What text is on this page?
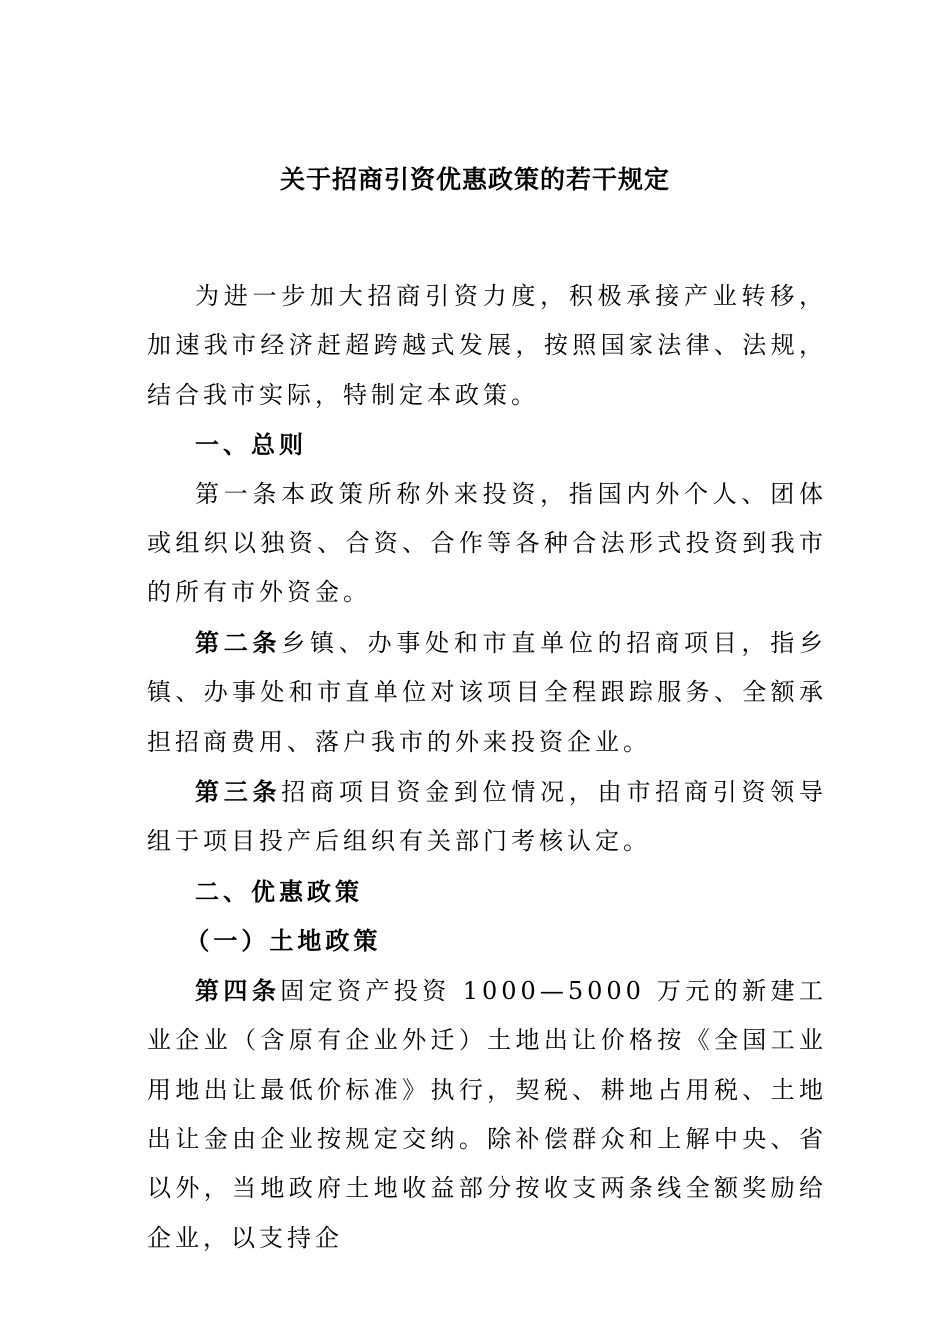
关于招商引资优惠政策的若干规定

为进一步加大招商引资力度，积极承接产业转移，加速我市经济赶超跨越式发展，按照国家法律、法规，结合我市实际，特制定本政策。

一、总则

第一条本政策所称外来投资，指国内外个人、团体或组织以独资、合资、合作等各种合法形式投资到我市的所有市外资金。

第二条乡镇、办事处和市直单位的招商项目，指乡镇、办事处和市直单位对该项目全程跟踪服务、全额承担招商费用、落户我市的外来投资企业。

第三条招商项目资金到位情况，由市招商引资领导组于项目投产后组织有关部门考核认定。

二、优惠政策

（一）土地政策

第四条固定资产投资 1000—5000 万元的新建工业企业（含原有企业外迁）土地出让价格按《全国工业用地出让最低价标准》执行，契税、耕地占用税、土地出让金由企业按规定交纳。除补偿群众和上解中央、省以外，当地政府土地收益部分按收支两条线全额奖励给企业，以支持企
